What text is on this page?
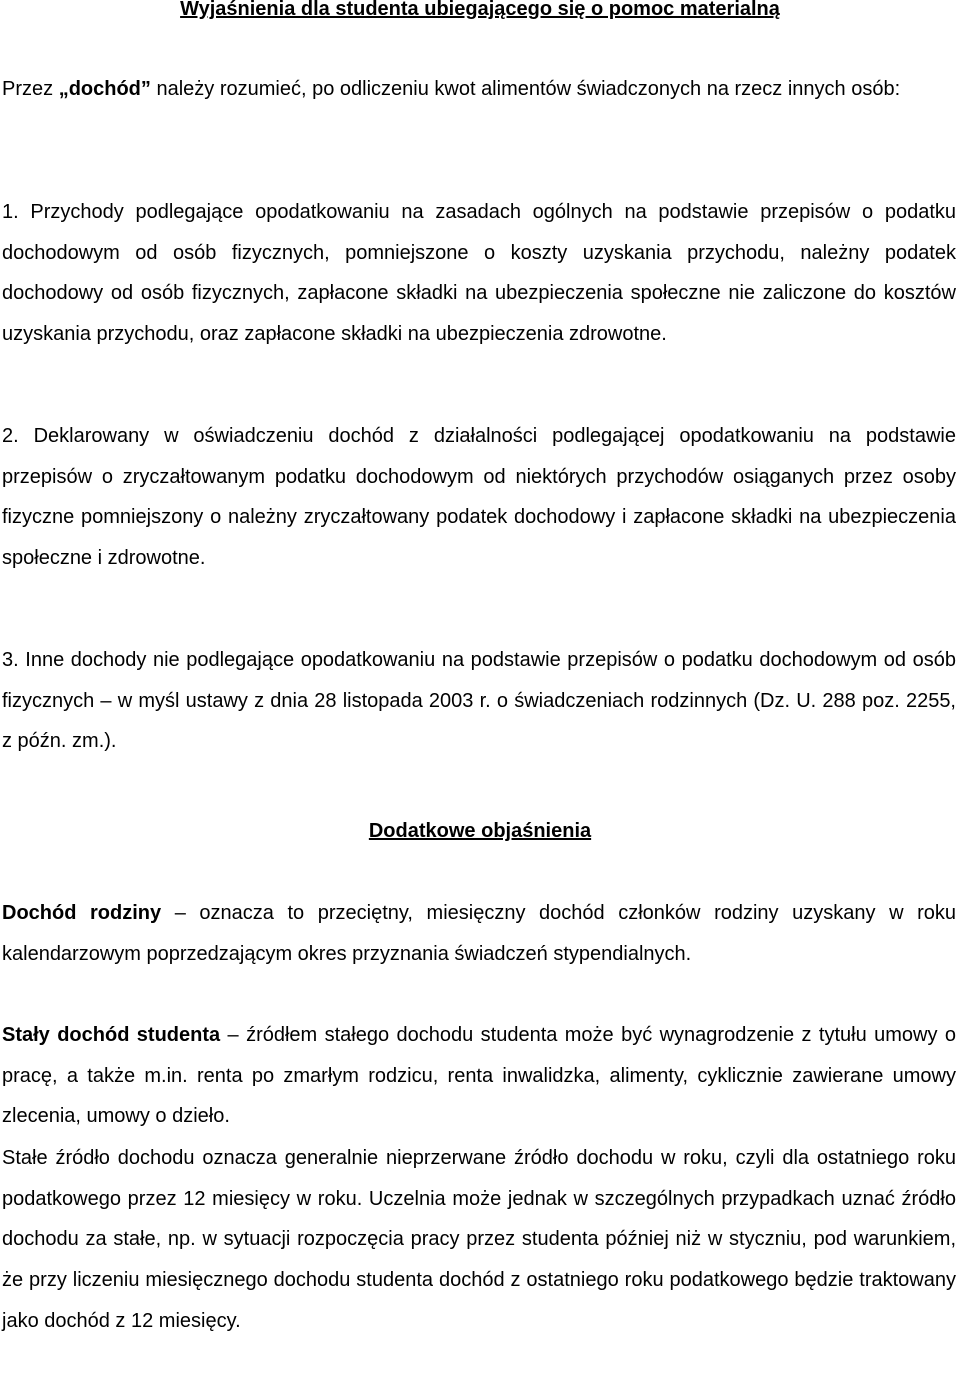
Wyjaśnienia dla studenta ubiegającego się o pomoc materialną

Przez „dochód” należy rozumieć, po odliczeniu kwot alimentów świadczonych na rzecz innych osób:

1. Przychody podlegające opodatkowaniu na zasadach ogólnych na podstawie przepisów o podatku dochodowym od osób fizycznych, pomniejszone o koszty uzyskania przychodu, należny podatek dochodowy od osób fizycznych, zapłacone składki na ubezpieczenia społeczne nie zaliczone do kosztów uzyskania przychodu, oraz zapłacone składki na ubezpieczenia zdrowotne.

2. Deklarowany w oświadczeniu dochód z działalności podlegającej opodatkowaniu na podstawie przepisów o zryczałtowanym podatku dochodowym od niektórych przychodów osiąganych przez osoby fizyczne pomniejszony o należny zryczałtowany podatek dochodowy i zapłacone składki na ubezpieczenia społeczne i zdrowotne.

3. Inne dochody nie podlegające opodatkowaniu na podstawie przepisów o podatku dochodowym od osób fizycznych – w myśl ustawy z dnia 28 listopada 2003 r. o świadczeniach rodzinnych (Dz. U. 288 poz. 2255, z późn. zm.).

Dodatkowe objaśnienia

Dochód rodziny – oznacza to przeciętny, miesięczny dochód członków rodziny uzyskany w roku kalendarzowym poprzedzającym okres przyznania świadczeń stypendialnych.

Stały dochód studenta – źródłem stałego dochodu studenta może być wynagrodzenie z tytułu umowy o pracę, a także m.in. renta po zmarłym rodzicu, renta inwalidzka, alimenty, cyklicznie zawierane umowy zlecenia, umowy o dzieło.

Stałe źródło dochodu oznacza generalnie nieprzerwane źródło dochodu w roku, czyli dla ostatniego roku podatkowego przez 12 miesięcy w roku. Uczelnia może jednak w szczególnych przypadkach uznać źródło dochodu za stałe, np. w sytuacji rozpoczęcia pracy przez studenta później niż w styczniu, pod warunkiem, że przy liczeniu miesięcznego dochodu studenta dochód z ostatniego roku podatkowego będzie traktowany jako dochód z 12 miesięcy.
